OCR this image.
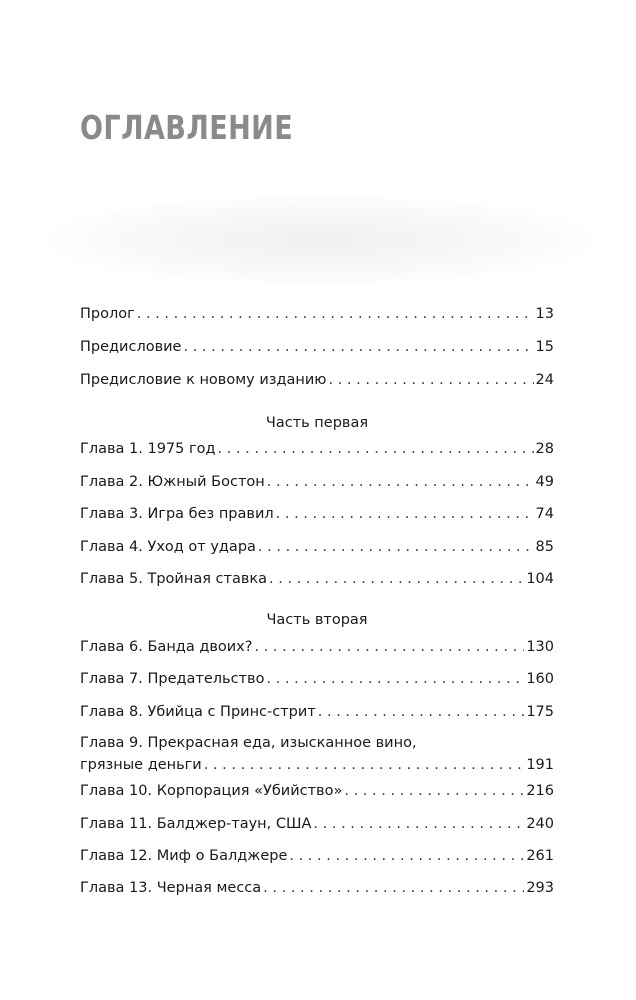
ОГЛАВЛЕНИЕ
Пролог . . .	13
Предисловие . . .	15
Предисловие к новому изданию . . .	24
Часть первая
Глава 1. 1975 год . . .	28
Глава 2. Южный Бостон . . .	49
Глава 3. Игра без правил . . .	74
Глава 4. Уход от удара . . .	85
Глава 5. Тройная ставка . . .	104
Часть вторая
Глава 6. Банда двоих? . . .	130
Глава 7. Предательство . . .	160
Глава 8. Убийца с Принс-стрит . . .	175
Глава 9. Прекрасная еда, изысканное вино,
грязные деньги . . .	191
Глава 10. Корпорация «Убийство» . . .	216
Глава 11. Балджер-таун, США . . .	240
Глава 12. Миф о Балджере . . .	261
Глава 13. Черная месса . . .	293
